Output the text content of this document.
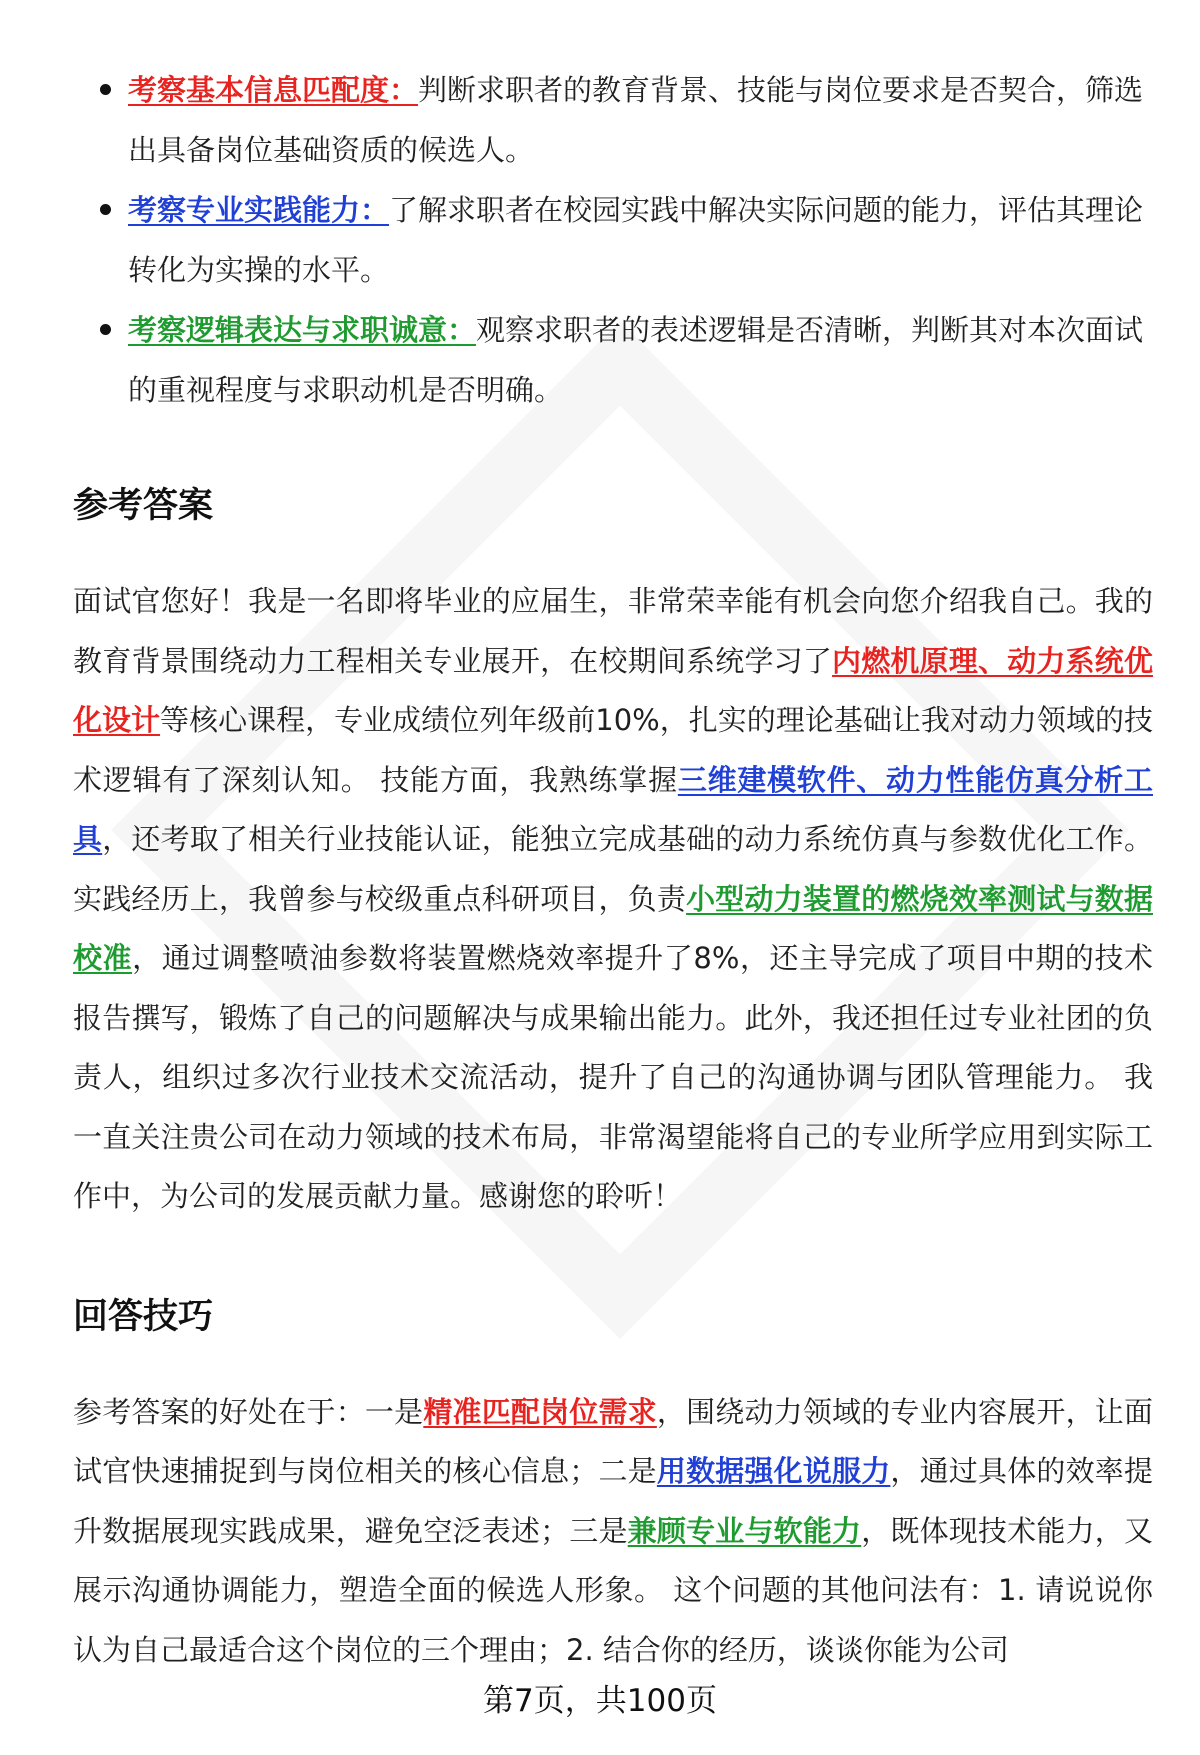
考察基本信息匹配度：判断求职者的教育背景、技能与岗位要求是否契合，筛选出具备岗位基础资质的候选人。
考察专业实践能力：了解求职者在校园实践中解决实际问题的能力，评估其理论转化为实操的水平。
考察逻辑表达与求职诚意：观察求职者的表述逻辑是否清晰，判断其对本次面试的重视程度与求职动机是否明确。
参考答案

面试官您好！我是一名即将毕业的应届生，非常荣幸能有机会向您介绍我自己。我的教育背景围绕动力工程相关专业展开，在校期间系统学习了内燃机原理、动力系统优化设计等核心课程，专业成绩位列年级前10%，扎实的理论基础让我对动力领域的技术逻辑有了深刻认知。 技能方面，我熟练掌握三维建模软件、动力性能仿真分析工具，还考取了相关行业技能认证，能独立完成基础的动力系统仿真与参数优化工作。实践经历上，我曾参与校级重点科研项目，负责小型动力装置的燃烧效率测试与数据校准，通过调整喷油参数将装置燃烧效率提升了8%，还主导完成了项目中期的技术报告撰写，锻炼了自己的问题解决与成果输出能力。此外，我还担任过专业社团的负责人，组织过多次行业技术交流活动，提升了自己的沟通协调与团队管理能力。 我一直关注贵公司在动力领域的技术布局，非常渴望能将自己的专业所学应用到实际工作中，为公司的发展贡献力量。感谢您的聆听！

回答技巧

参考答案的好处在于：一是精准匹配岗位需求，围绕动力领域的专业内容展开，让面试官快速捕捉到与岗位相关的核心信息；二是用数据强化说服力，通过具体的效率提升数据展现实践成果，避免空泛表述；三是兼顾专业与软能力，既体现技术能力，又展示沟通协调能力，塑造全面的候选人形象。 这个问题的其他问法有：1. 请说说你认为自己最适合这个岗位的三个理由；2. 结合你的经历，谈谈你能为公司

第7页，共100页
